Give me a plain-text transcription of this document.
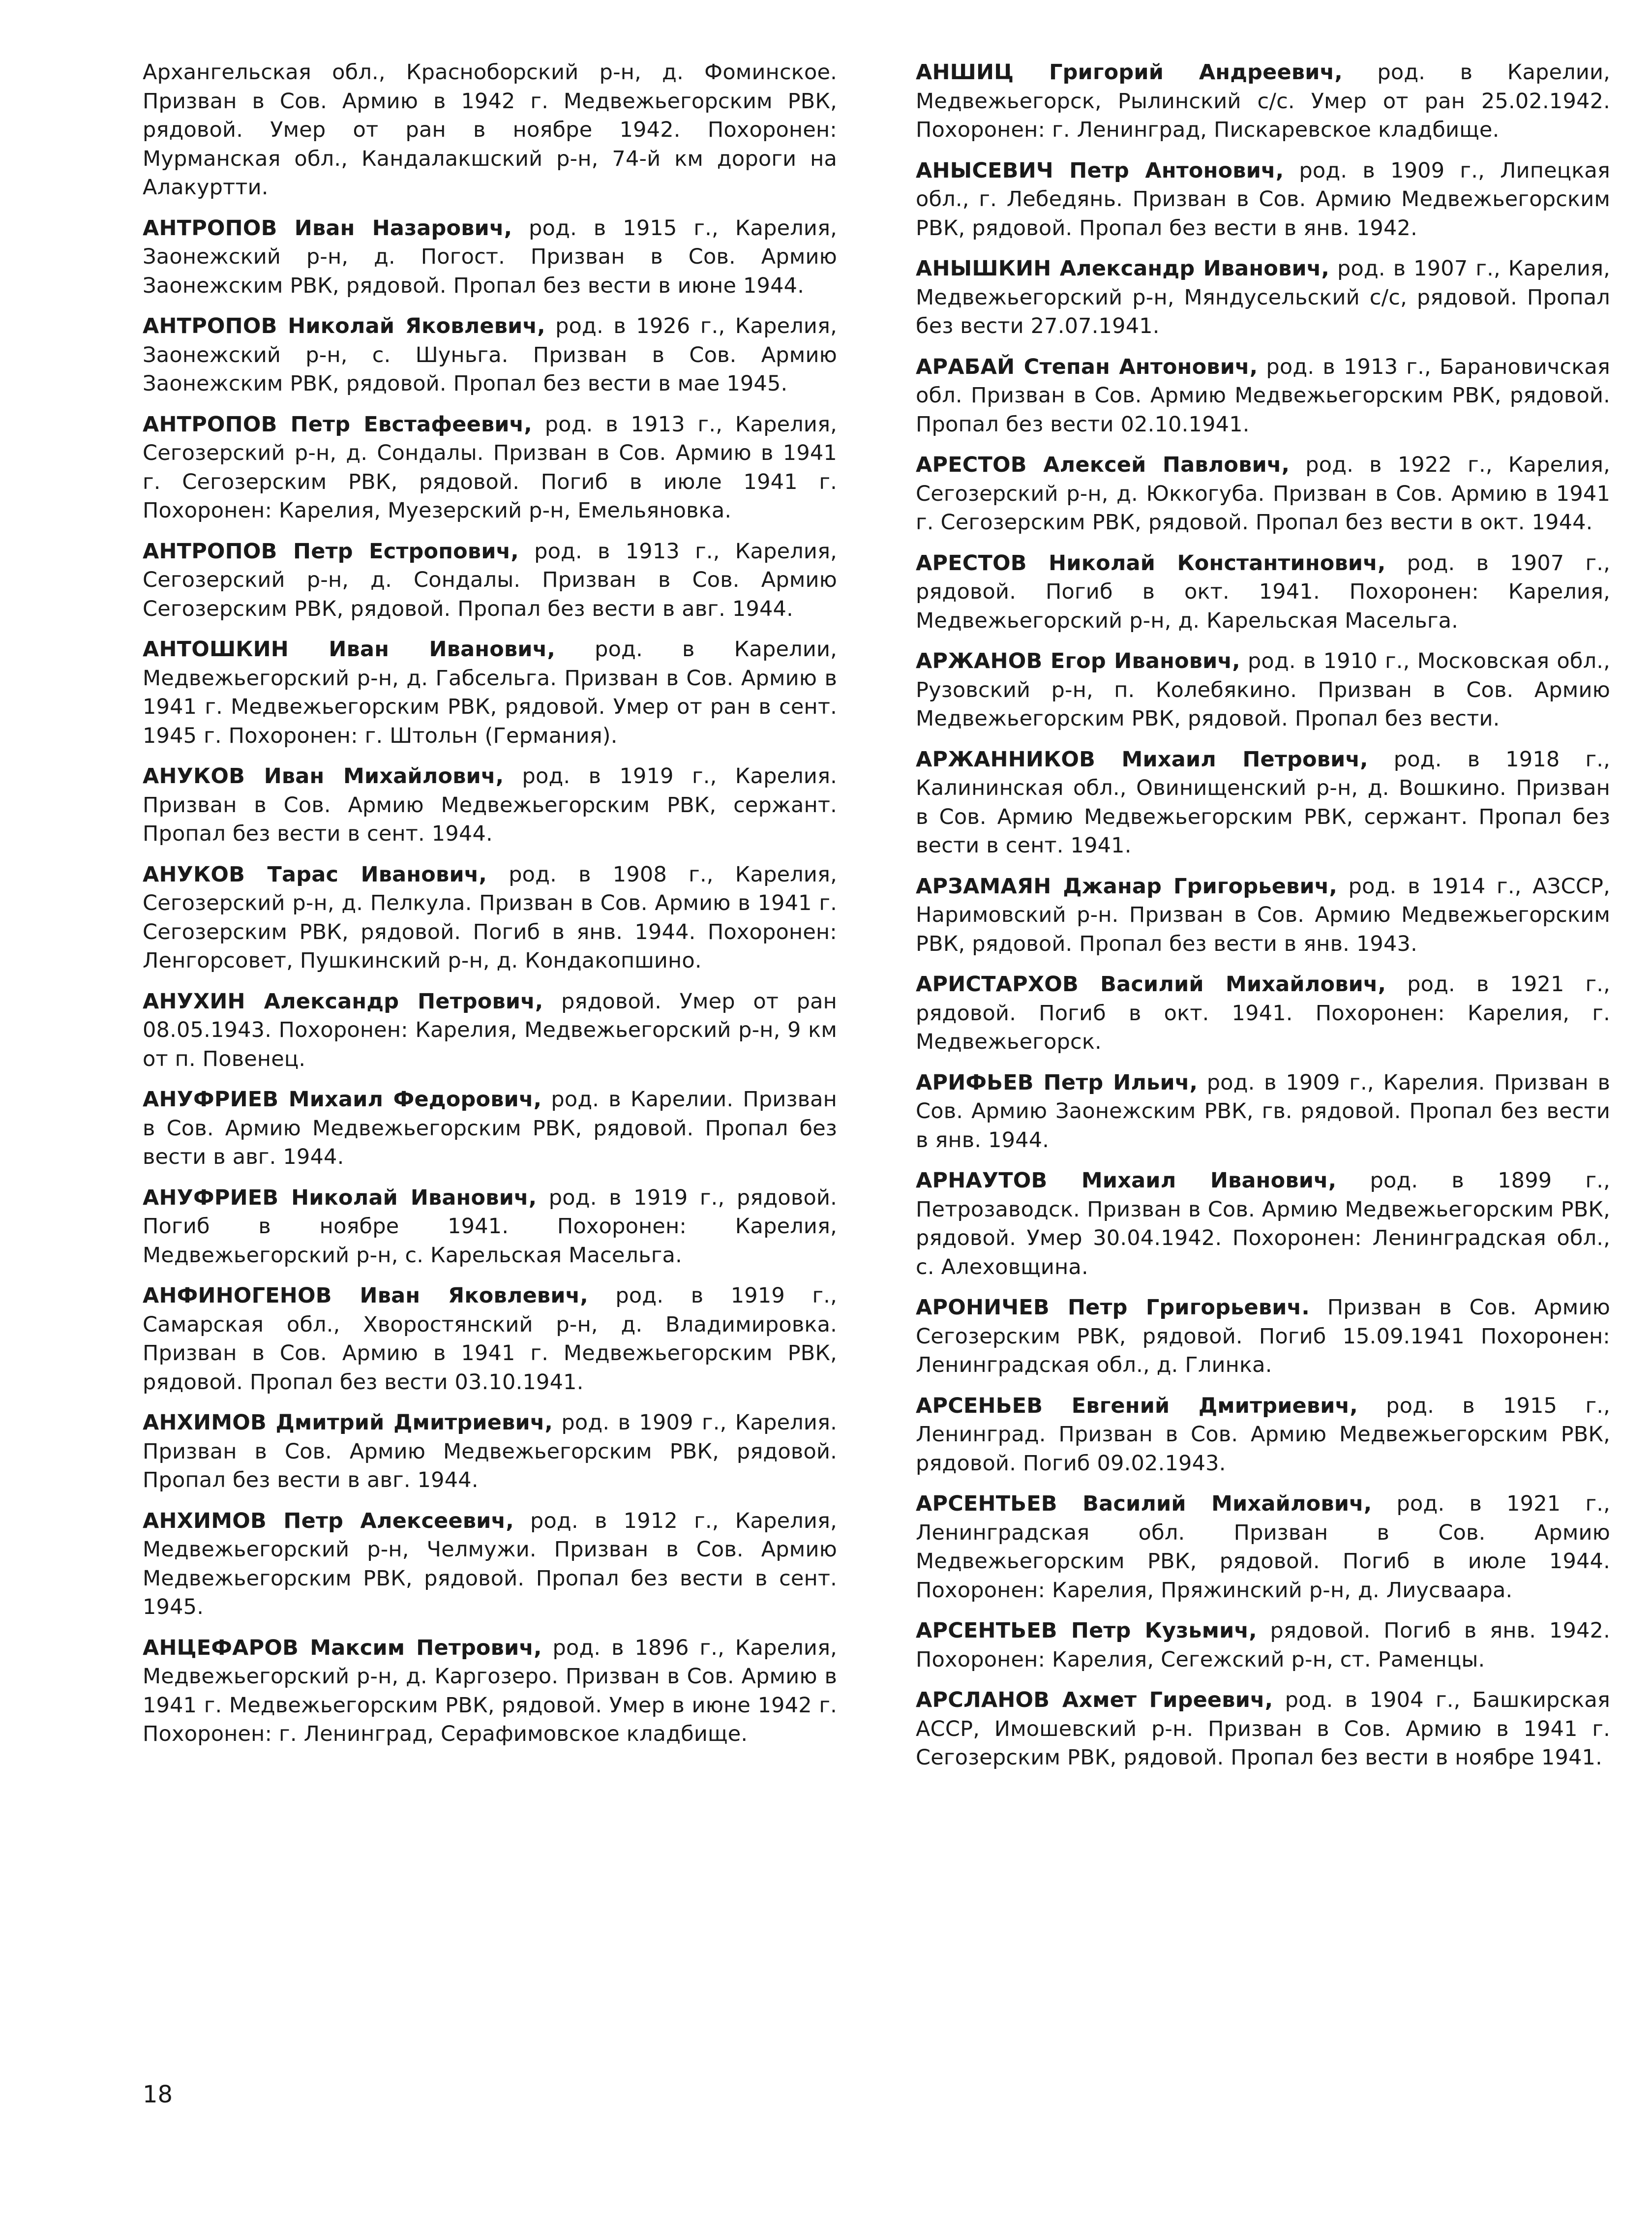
Архангельская обл., Красноборский р-н, д. Фоминское. Призван в Сов. Армию в 1942 г. Медвежьегорским РВК, рядовой. Умер от ран в ноябре 1942. Похоронен: Мурманская обл., Кандалакшский р-н, 74-й км дороги на Алакуртти.

АНТРОПОВ Иван Назарович, род. в 1915 г., Карелия, Заонежский р-н, д. Погост. Призван в Сов. Армию Заонежским РВК, рядовой. Пропал без вести в июне 1944.

АНТРОПОВ Николай Яковлевич, род. в 1926 г., Карелия, Заонежский р-н, с. Шуньга. Призван в Сов. Армию Заонежским РВК, рядовой. Пропал без вести в мае 1945.

АНТРОПОВ Петр Евстафеевич, род. в 1913 г., Карелия, Сегозерский р-н, д. Сондалы. Призван в Сов. Армию в 1941 г. Сегозерским РВК, рядовой. Погиб в июле 1941 г. Похоронен: Карелия, Муезерский р-н, Емельяновка.

АНТРОПОВ Петр Естропович, род. в 1913 г., Карелия, Сегозерский р-н, д. Сондалы. Призван в Сов. Армию Сегозерским РВК, рядовой. Пропал без вести в авг. 1944.

АНТОШКИН Иван Иванович, род. в Карелии, Медвежьегорский р-н, д. Габсельга. Призван в Сов. Армию в 1941 г. Медвежьегорским РВК, рядовой. Умер от ран в сент. 1945 г. Похоронен: г. Штольн (Германия).

АНУКОВ Иван Михайлович, род. в 1919 г., Карелия. Призван в Сов. Армию Медвежьегорским РВК, сержант. Пропал без вести в сент. 1944.

АНУКОВ Тарас Иванович, род. в 1908 г., Карелия, Сегозерский р-н, д. Пелкула. Призван в Сов. Армию в 1941 г. Сегозерским РВК, рядовой. Погиб в янв. 1944. Похоронен: Ленгорсовет, Пушкинский р-н, д. Кондакопшино.

АНУХИН Александр Петрович, рядовой. Умер от ран 08.05.1943. Похоронен: Карелия, Медвежьегорский р-н, 9 км от п. Повенец.

АНУФРИЕВ Михаил Федорович, род. в Карелии. Призван в Сов. Армию Медвежьегорским РВК, рядовой. Пропал без вести в авг. 1944.

АНУФРИЕВ Николай Иванович, род. в 1919 г., рядовой. Погиб в ноябре 1941. Похоронен: Карелия, Медвежьегорский р-н, с. Карельская Масельга.

АНФИНОГЕНОВ Иван Яковлевич, род. в 1919 г., Самарская обл., Хворостянский р-н, д. Владимировка. Призван в Сов. Армию в 1941 г. Медвежьегорским РВК, рядовой. Пропал без вести 03.10.1941.

АНХИМОВ Дмитрий Дмитриевич, род. в 1909 г., Карелия. Призван в Сов. Армию Медвежьегорским РВК, рядовой. Пропал без вести в авг. 1944.

АНХИМОВ Петр Алексеевич, род. в 1912 г., Карелия, Медвежьегорский р-н, Челмужи. Призван в Сов. Армию Медвежьегорским РВК, рядовой. Пропал без вести в сент. 1945.

АНЦЕФАРОВ Максим Петрович, род. в 1896 г., Карелия, Медвежьегорский р-н, д. Каргозеро. Призван в Сов. Армию в 1941 г. Медвежьегорским РВК, рядовой. Умер в июне 1942 г. Похоронен: г. Ленинград, Серафимовское кладбище.

АНШИЦ Григорий Андреевич, род. в Карелии, Медвежьегорск, Рылинский с/с. Умер от ран 25.02.1942. Похоронен: г. Ленинград, Пискаревское кладбище.

АНЫСЕВИЧ Петр Антонович, род. в 1909 г., Липецкая обл., г. Лебедянь. Призван в Сов. Армию Медвежьегорским РВК, рядовой. Пропал без вести в янв. 1942.

АНЫШКИН Александр Иванович, род. в 1907 г., Карелия, Медвежьегорский р-н, Мяндусельский с/с, рядовой. Пропал без вести 27.07.1941.

АРАБАЙ Степан Антонович, род. в 1913 г., Барановичская обл. Призван в Сов. Армию Медвежьегорским РВК, рядовой. Пропал без вести 02.10.1941.

АРЕСТОВ Алексей Павлович, род. в 1922 г., Карелия, Сегозерский р-н, д. Юккогуба. Призван в Сов. Армию в 1941 г. Сегозерским РВК, рядовой. Пропал без вести в окт. 1944.

АРЕСТОВ Николай Константинович, род. в 1907 г., рядовой. Погиб в окт. 1941. Похоронен: Карелия, Медвежьегорский р-н, д. Карельская Масельга.

АРЖАНОВ Егор Иванович, род. в 1910 г., Московская обл., Рузовский р-н, п. Колебякино. Призван в Сов. Армию Медвежьегорским РВК, рядовой. Пропал без вести.

АРЖАННИКОВ Михаил Петрович, род. в 1918 г., Калининская обл., Овинищенский р-н, д. Вошкино. Призван в Сов. Армию Медвежьегорским РВК, сержант. Пропал без вести в сент. 1941.

АРЗАМАЯН Джанар Григорьевич, род. в 1914 г., АЗССР, Наримовский р-н. Призван в Сов. Армию Медвежьегорским РВК, рядовой. Пропал без вести в янв. 1943.

АРИСТАРХОВ Василий Михайлович, род. в 1921 г., рядовой. Погиб в окт. 1941. Похоронен: Карелия, г. Медвежьегорск.

АРИФЬЕВ Петр Ильич, род. в 1909 г., Карелия. Призван в Сов. Армию Заонежским РВК, гв. рядовой. Пропал без вести в янв. 1944.

АРНАУТОВ Михаил Иванович, род. в 1899 г., Петрозаводск. Призван в Сов. Армию Медвежьегорским РВК, рядовой. Умер 30.04.1942. Похоронен: Ленинградская обл., с. Алеховщина.

АРОНИЧЕВ Петр Григорьевич. Призван в Сов. Армию Сегозерским РВК, рядовой. Погиб 15.09.1941 Похоронен: Ленинградская обл., д. Глинка.

АРСЕНЬЕВ Евгений Дмитриевич, род. в 1915 г., Ленинград. Призван в Сов. Армию Медвежьегорским РВК, рядовой. Погиб 09.02.1943.

АРСЕНТЬЕВ Василий Михайлович, род. в 1921 г., Ленинградская обл. Призван в Сов. Армию Медвежьегорским РВК, рядовой. Погиб в июле 1944. Похоронен: Карелия, Пряжинский р-н, д. Лиусваара.

АРСЕНТЬЕВ Петр Кузьмич, рядовой. Погиб в янв. 1942. Похоронен: Карелия, Сегежский р-н, ст. Раменцы.

АРСЛАНОВ Ахмет Гиреевич, род. в 1904 г., Башкирская АССР, Имошевский р-н. Призван в Сов. Армию в 1941 г. Сегозерским РВК, рядовой. Пропал без вести в ноябре 1941.

18
